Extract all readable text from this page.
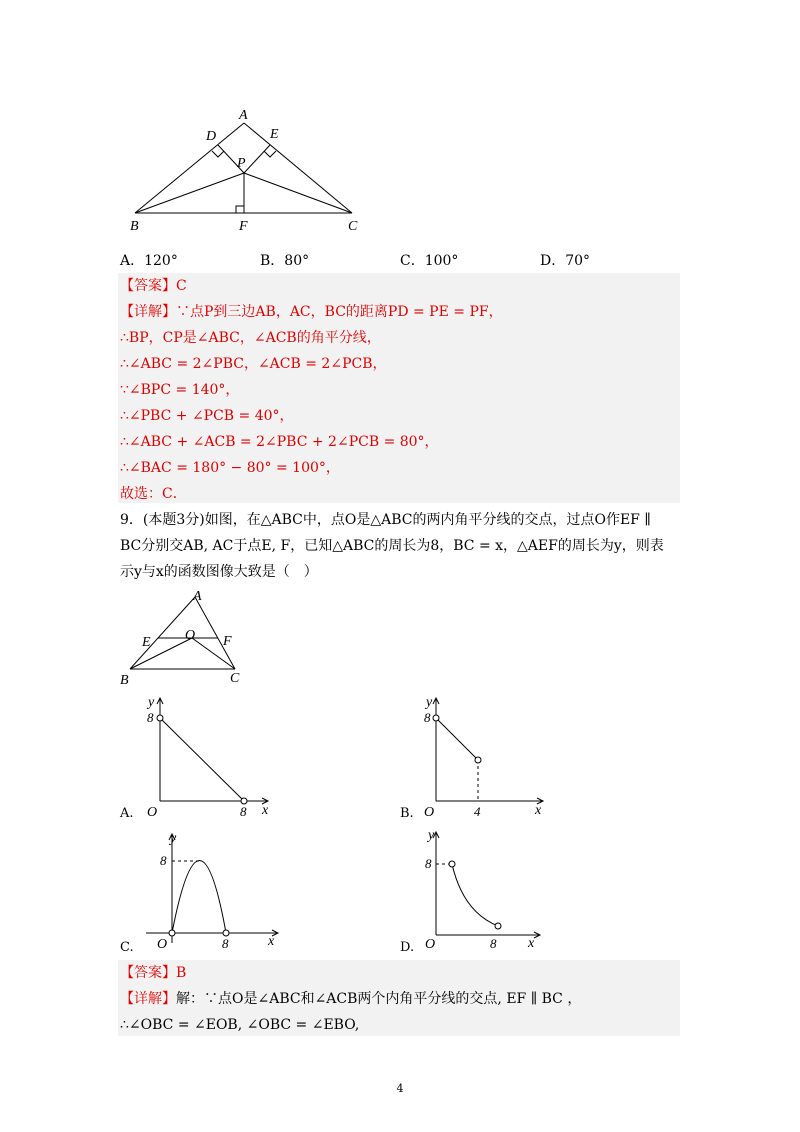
A
D	E
P
B	F	C
A．120°	B．80°	C．100°	D．70°
【答案】C
【详解】∵点P到三边AB，AC，BC的距离PD = PE = PF，
∴BP，CP是∠ABC，∠ACB的角平分线，
∴∠ABC = 2∠PBC，∠ACB = 2∠PCB，
∵∠BPC = 140°，
∴∠PBC + ∠PCB = 40°，
∴∠ABC + ∠ACB = 2∠PBC + 2∠PCB = 80°，
∴∠BAC = 180° − 80° = 100°，
故选：C．
9．(本题3分)如图，在△ABC中，点O是△ABC的两内角平分线的交点，过点O作EF ∥
BC分别交AB, AC于点E, F，已知△ABC的周长为8，BC = x，△AEF的周长为y，则表
示y与x的函数图像大致是（　）
A
E O F
B	C
A.
y
8
O	8 x	B.
y
8
O	4	x
C.
y
8
O	8	x	D.
y
8
O	8 x
【答案】B
【详解】解：∵点O是∠ABC和∠ACB两个内角平分线的交点, EF ∥ BC ，
∴∠OBC = ∠EOB, ∠OBC = ∠EBO,
4
